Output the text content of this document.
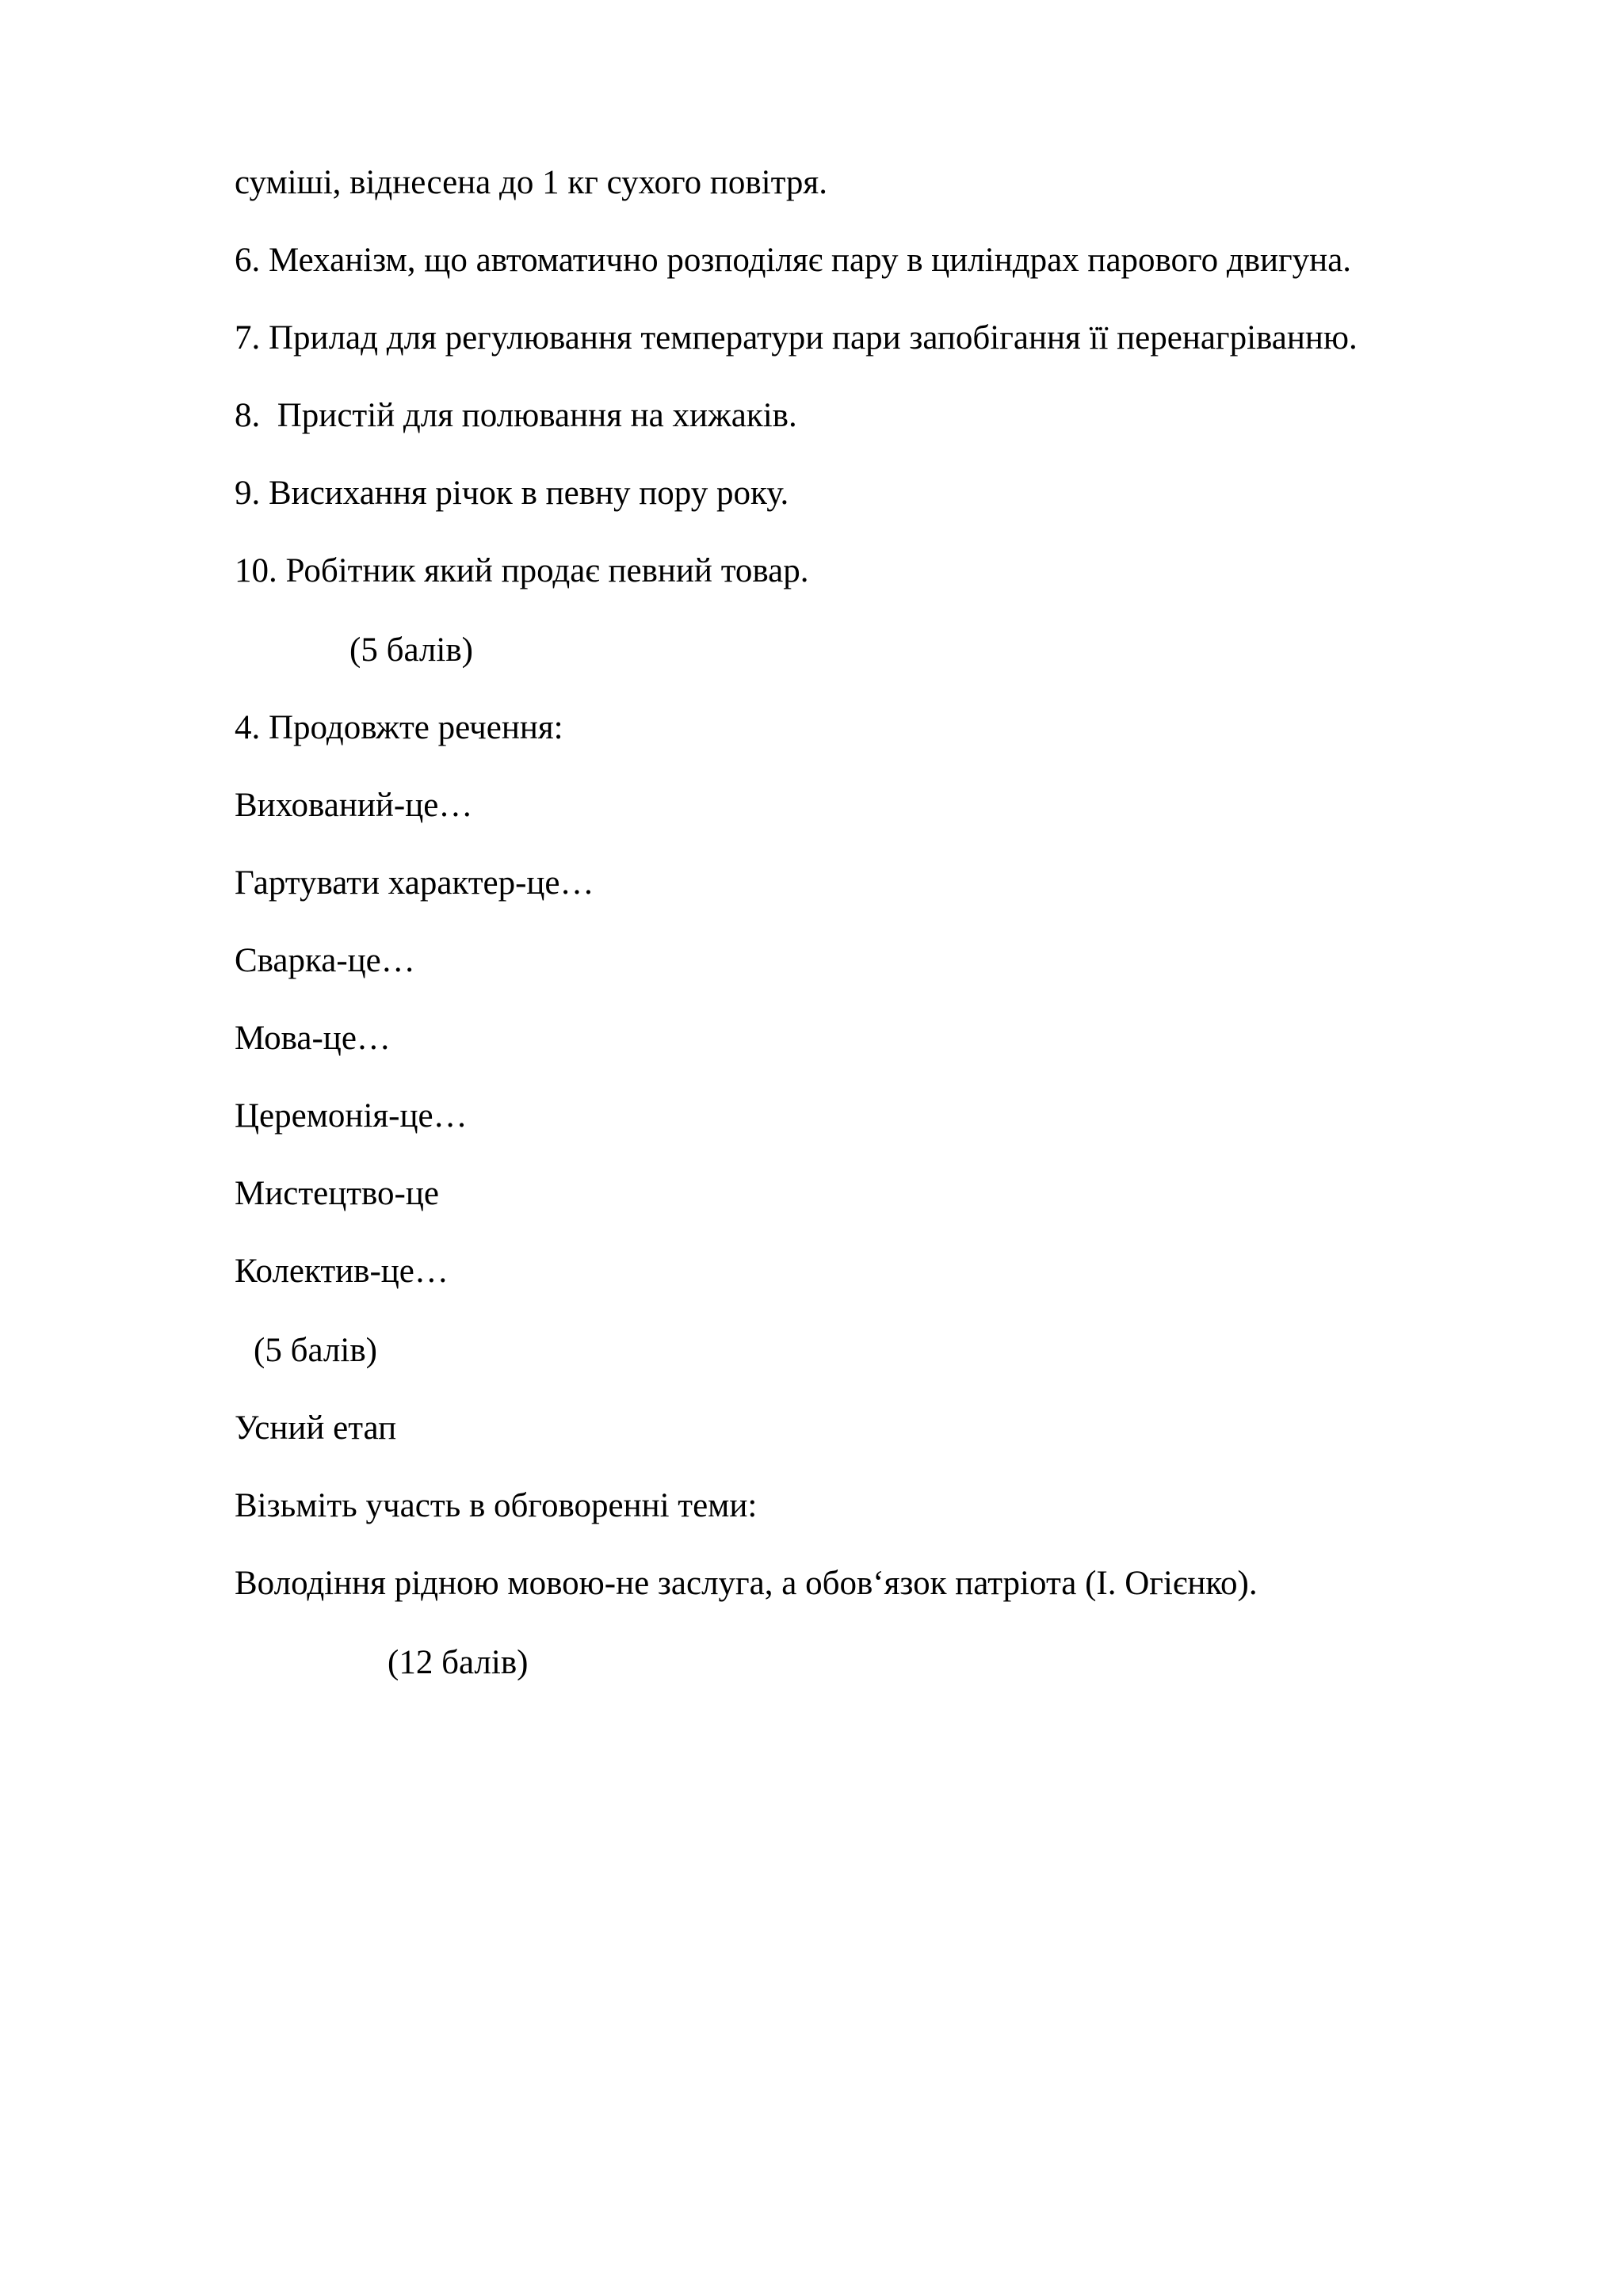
суміші, віднесена до 1 кг сухого повітря.

6. Механізм, що автоматично розподіляє пару в циліндрах парового двигуна.

7. Прилад для регулювання температури пари запобігання її перенагріванню.

8.  Пристій для полювання на хижаків.

9. Висихання річок в певну пору року.

10. Робітник який продає певний товар.

(5 балів)

4. Продовжте речення:

Вихований-це…

Гартувати характер-це…

Сварка-це…

Мова-це…

Церемонія-це…

Мистецтво-це

Колектив-це…

(5 балів)

Усний етап

Візьміть участь в обговоренні теми:

Володіння рідною мовою-не заслуга, а обов‘язок патріота (І. Огієнко).

(12 балів)
